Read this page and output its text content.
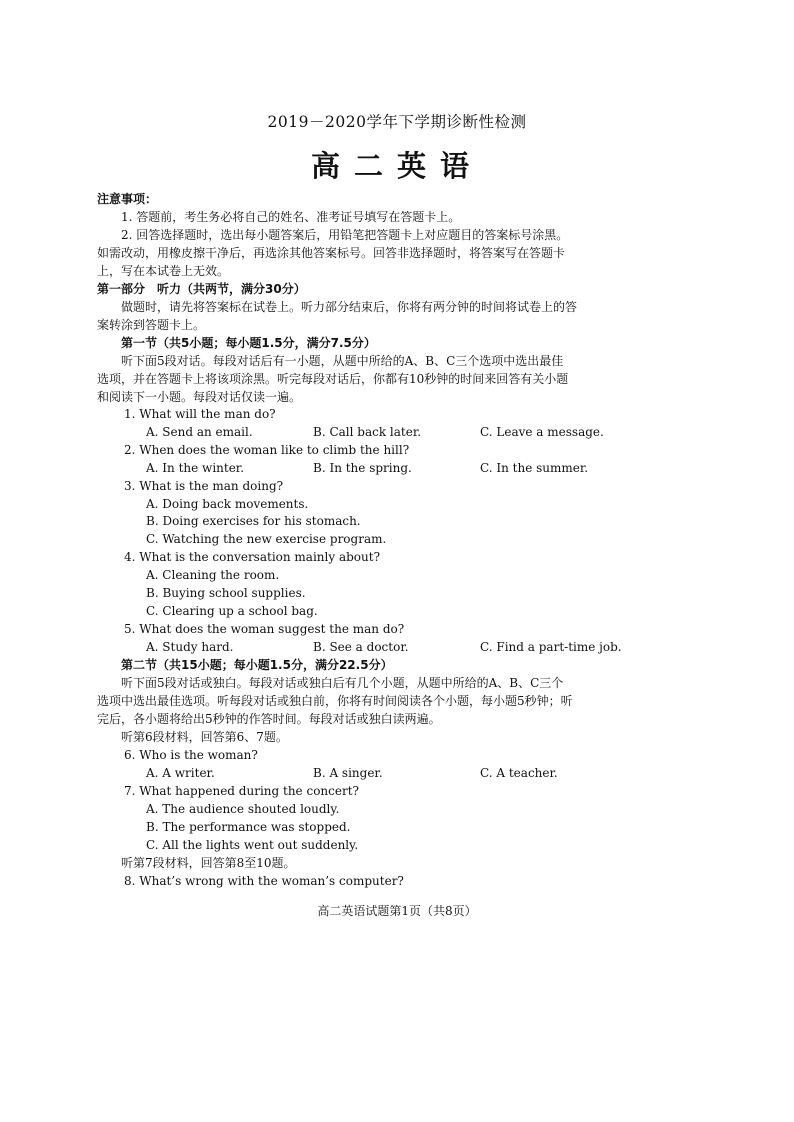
2019－2020学年下学期诊断性检测
高二英语
注意事项：
1. 答题前，考生务必将自己的姓名、准考证号填写在答题卡上。
2. 回答选择题时，选出每小题答案后，用铅笔把答题卡上对应题目的答案标号涂黑。
如需改动，用橡皮擦干净后，再选涂其他答案标号。回答非选择题时，将答案写在答题卡
上，写在本试卷上无效。
第一部分　听力（共两节，满分30分）
做题时，请先将答案标在试卷上。听力部分结束后，你将有两分钟的时间将试卷上的答
案转涂到答题卡上。
第一节（共5小题；每小题1.5分，满分7.5分）
听下面5段对话。每段对话后有一小题，从题中所给的A、B、C三个选项中选出最佳
选项，并在答题卡上将该项涂黑。听完每段对话后，你都有10秒钟的时间来回答有关小题
和阅读下一小题。每段对话仅读一遍。
1. What will the man do?
A. Send an email.	B. Call back later.	C. Leave a message.
2. When does the woman like to climb the hill?
A. In the winter.	B. In the spring.	C. In the summer.
3. What is the man doing?
A. Doing back movements.
B. Doing exercises for his stomach.
C. Watching the new exercise program.
4. What is the conversation mainly about?
A. Cleaning the room.
B. Buying school supplies.
C. Clearing up a school bag.
5. What does the woman suggest the man do?
A. Study hard.	B. See a doctor.	C. Find a part-time job.
第二节（共15小题；每小题1.5分，满分22.5分）
听下面5段对话或独白。每段对话或独白后有几个小题，从题中所给的A、B、C三个
选项中选出最佳选项。听每段对话或独白前，你将有时间阅读各个小题，每小题5秒钟；听
完后，各小题将给出5秒钟的作答时间。每段对话或独白读两遍。
听第6段材料，回答第6、7题。
6. Who is the woman?
A. A writer.	B. A singer.	C. A teacher.
7. What happened during the concert?
A. The audience shouted loudly.
B. The performance was stopped.
C. All the lights went out suddenly.
听第7段材料，回答第8至10题。
8. What’s wrong with the woman’s computer?
高二英语试题第1页（共8页）
